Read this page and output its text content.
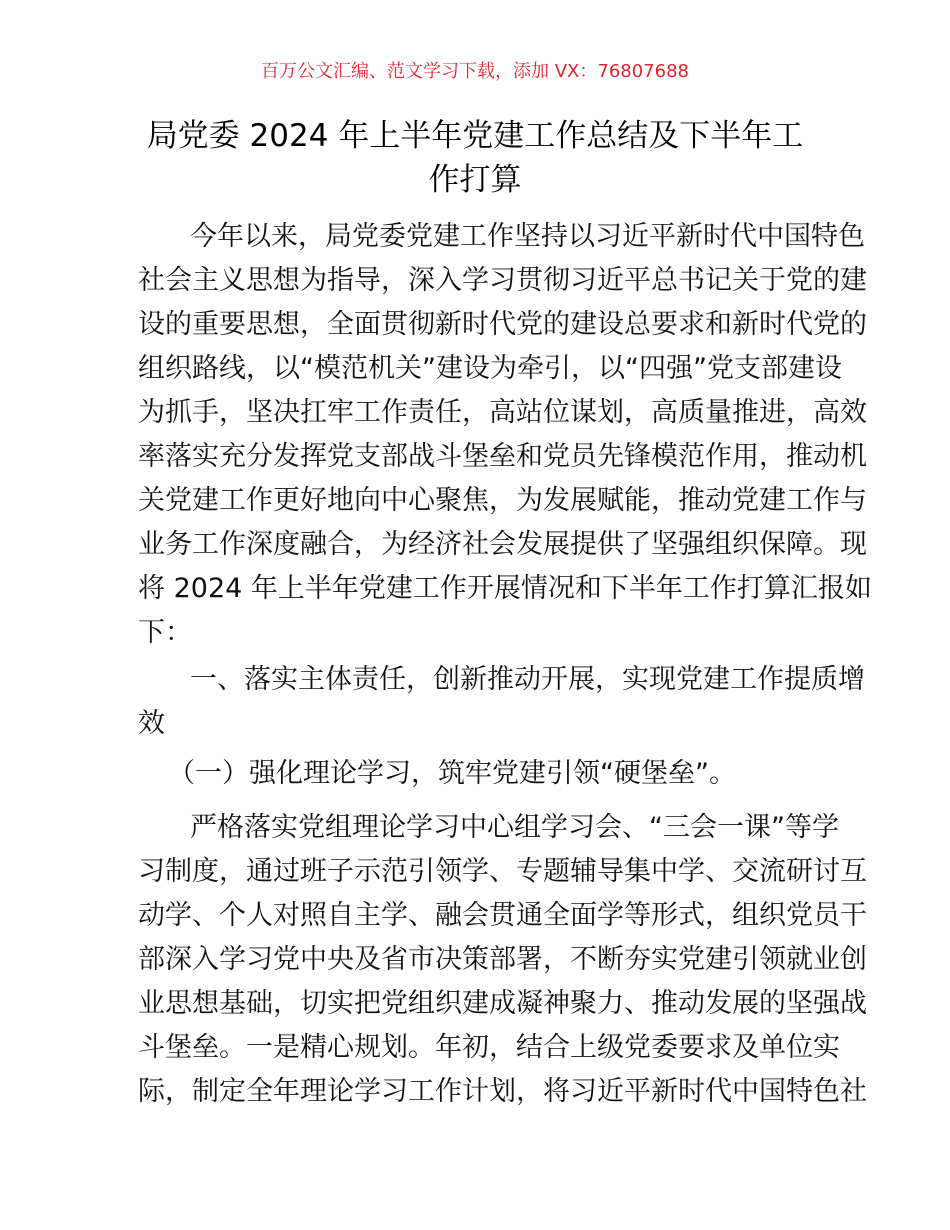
百万公文汇编、范文学习下载，添加 VX：76807688
局党委 2024 年上半年党建工作总结及下半年工
作打算
今年以来，局党委党建工作坚持以习近平新时代中国特色
社会主义思想为指导，深入学习贯彻习近平总书记关于党的建
设的重要思想，全面贯彻新时代党的建设总要求和新时代党的
组织路线，以“模范机关”建设为牵引，以“四强”党支部建设
为抓手，坚决扛牢工作责任，高站位谋划，高质量推进，高效
率落实充分发挥党支部战斗堡垒和党员先锋模范作用，推动机
关党建工作更好地向中心聚焦，为发展赋能，推动党建工作与
业务工作深度融合，为经济社会发展提供了坚强组织保障。现
将 2024 年上半年党建工作开展情况和下半年工作打算汇报如
下：
一、落实主体责任，创新推动开展，实现党建工作提质增
效
（一）强化理论学习，筑牢党建引领“硬堡垒”。
严格落实党组理论学习中心组学习会、“三会一课”等学
习制度，通过班子示范引领学、专题辅导集中学、交流研讨互
动学、个人对照自主学、融会贯通全面学等形式，组织党员干
部深入学习党中央及省市决策部署，不断夯实党建引领就业创
业思想基础，切实把党组织建成凝神聚力、推动发展的坚强战
斗堡垒。一是精心规划。年初，结合上级党委要求及单位实
际，制定全年理论学习工作计划，将习近平新时代中国特色社
